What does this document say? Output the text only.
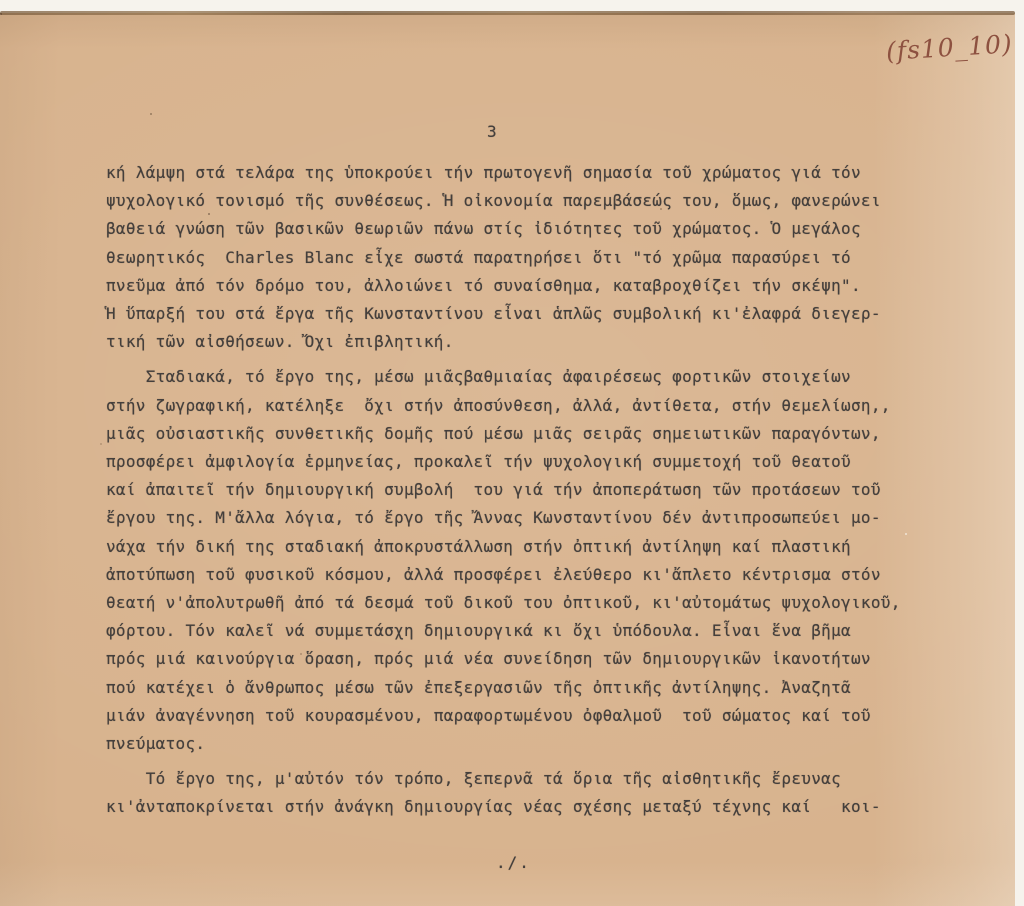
(fs10_10)
3
κή λάμψη στά τελάρα της ὑποκρούει τήν πρωτογενῆ σημασία τοῦ χρώματος γιά τόν
ψυχολογικό τονισμό τῆς συνθέσεως. Ἡ οἰκονομία παρεμβάσεώς του, ὅμως, φανερώνει
βαθειά γνώση τῶν βασικῶν θεωριῶν πάνω στίς ἰδιότητες τοῦ χρώματος. Ὁ μεγάλος
θεωρητικός  Charles Blanc εἶχε σωστά παρατηρήσει ὅτι "τό χρῶμα παρασύρει τό
πνεῦμα ἀπό τόν δρόμο του, ἀλλοιώνει τό συναίσθημα, καταβροχθίζει τήν σκέψη".
Ἡ ὕπαρξή του στά ἔργα τῆς Κωνσταντίνου εἶναι ἁπλῶς συμβολική κι'ἐλαφρά διεγερ-
τική τῶν αἰσθήσεων. Ὄχι ἐπιβλητική.
Σταδιακά, τό ἔργο της, μέσω μιᾶςβαθμιαίας ἀφαιρέσεως φορτικῶν στοιχείων
στήν ζωγραφική, κατέληξε  ὄχι στήν ἀποσύνθεση, ἀλλά, ἀντίθετα, στήν θεμελίωση,,
μιᾶς οὐσιαστικῆς συνθετικῆς δομῆς πού μέσω μιᾶς σειρᾶς σημειωτικῶν παραγόντων,
προσφέρει ἀμφιλογία ἑρμηνείας, προκαλεῖ τήν ψυχολογική συμμετοχή τοῦ θεατοῦ
καί ἀπαιτεῖ τήν δημιουργική συμβολή  του γιά τήν ἀποπεράτωση τῶν προτάσεων τοῦ
ἔργου της. Μ'ἄλλα λόγια, τό ἔργο τῆς Ἄννας Κωνσταντίνου δέν ἀντιπροσωπεύει μο-
νάχα τήν δική της σταδιακή ἀποκρυστάλλωση στήν ὀπτική ἀντίληψη καί πλαστική
ἀποτύπωση τοῦ φυσικοῦ κόσμου, ἀλλά προσφέρει ἐλεύθερο κι'ἄπλετο κέντρισμα στόν
θεατή ν'ἀπολυτρωθῆ ἀπό τά δεσμά τοῦ δικοῦ του ὀπτικοῦ, κι'αὐτομάτως ψυχολογικοῦ,
φόρτου. Τόν καλεῖ νά συμμετάσχη δημιουργικά κι ὄχι ὑπόδουλα. Εἶναι ἕνα βῆμα
πρός μιά καινούργια ὅραση, πρός μιά νέα συνείδηση τῶν δημιουργικῶν ἱκανοτήτων
πού κατέχει ὁ ἄνθρωπος μέσω τῶν ἐπεξεργασιῶν τῆς ὀπτικῆς ἀντίληψης. Ἀναζητᾶ
μιάν ἀναγέννηση τοῦ κουρασμένου, παραφορτωμένου ὀφθαλμοῦ  τοῦ σώματος καί τοῦ
πνεύματος.
Τό ἔργο της, μ'αὐτόν τόν τρόπο, ξεπερνᾶ τά ὅρια τῆς αἰσθητικῆς ἔρευνας
κι'ἀνταποκρίνεται στήν ἀνάγκη δημιουργίας νέας σχέσης μεταξύ τέχνης καί   κοι-
./.
